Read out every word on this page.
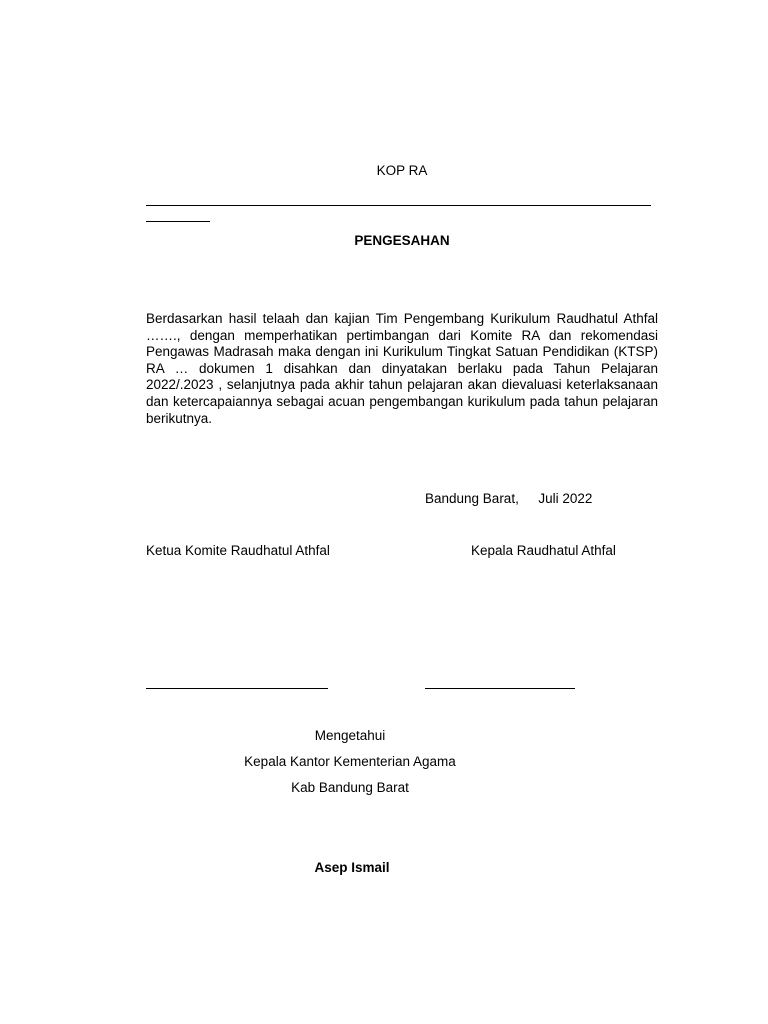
KOP RA
PENGESAHAN
Berdasarkan hasil telaah dan kajian Tim Pengembang Kurikulum Raudhatul Athfal ……., dengan memperhatikan pertimbangan dari Komite RA dan rekomendasi Pengawas Madrasah maka dengan ini Kurikulum Tingkat Satuan Pendidikan (KTSP) RA … dokumen 1 disahkan dan dinyatakan berlaku pada Tahun Pelajaran 2022/.2023 , selanjutnya pada akhir tahun pelajaran akan dievaluasi keterlaksanaan dan ketercapaiannya sebagai acuan pengembangan kurikulum pada tahun pelajaran berikutnya.
Bandung Barat, Juli 2022
Ketua Komite Raudhatul Athfal	Kepala Raudhatul Athfal
Mengetahui
Kepala Kantor Kementerian Agama
Kab Bandung Barat
Asep Ismail
